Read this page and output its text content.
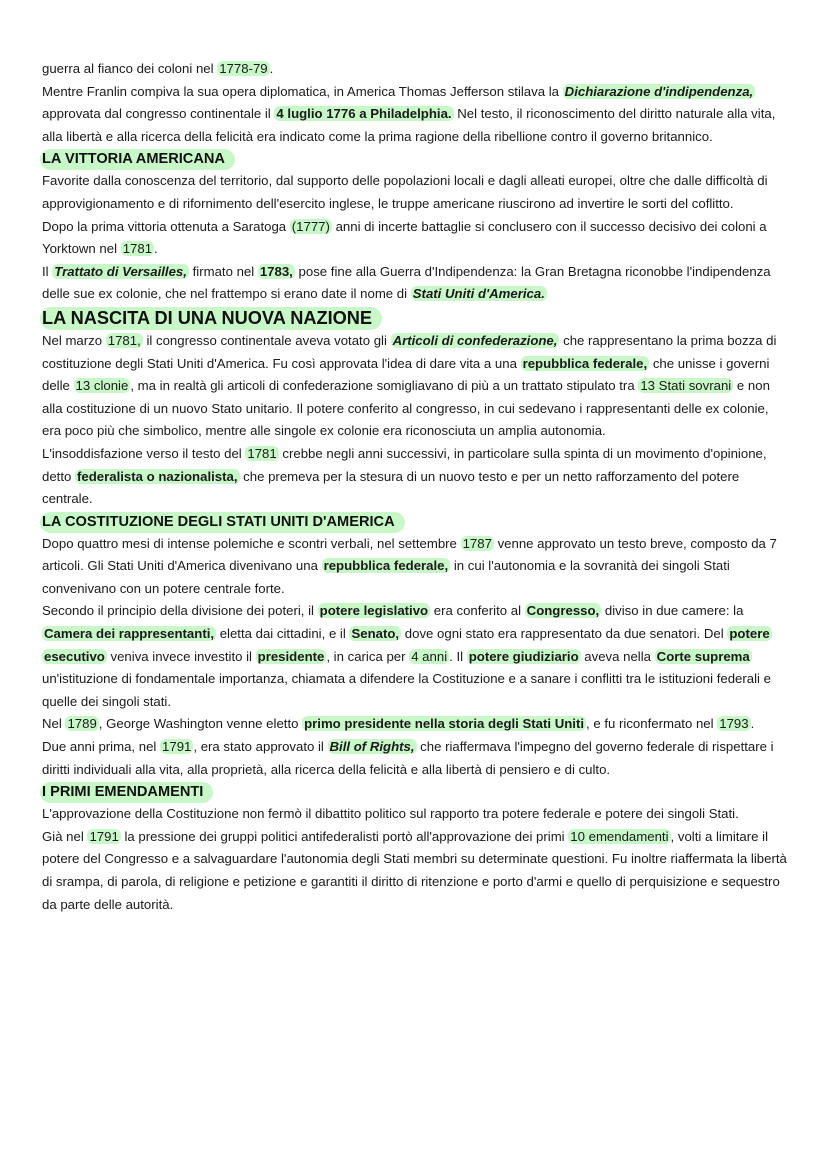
guerra al fianco dei coloni nel 1778-79 .

Mentre Franlin compiva la sua opera diplomatica, in America Thomas Jefferson stilava la Dichiarazione d'indipendenza, approvata dal congresso continentale il 4 luglio 1776 a Philadelphia. Nel testo, il riconoscimento del diritto naturale alla vita, alla libertà e alla ricerca della felicità era indicato come la prima ragione della ribellione contro il governo britannico.

LA VITTORIA AMERICANA

Favorite dalla conoscenza del territorio, dal supporto delle popolazioni locali e dagli alleati europei, oltre che dalle difficoltà di approvigionamento e di rifornimento dell'esercito inglese, le truppe americane riuscirono ad invertire le sorti del coflitto.

Dopo la prima vittoria ottenuta a Saratoga (1777) anni di incerte battaglie si conclusero con il successo decisivo dei coloni a Yorktown nel 1781 .

Il Trattato di Versailles, firmato nel 1783, pose fine alla Guerra d'Indipendenza: la Gran Bretagna riconobbe l'indipendenza delle sue ex colonie, che nel frattempo si erano date il nome di Stati Uniti d'America.

LA NASCITA DI UNA NUOVA NAZIONE

Nel marzo 1781, il congresso continentale aveva votato gli Articoli di confederazione, che rappresentano la prima bozza di costituzione degli Stati Uniti d'America. Fu così approvata l'idea di dare vita a una repubblica federale, che unisse i governi delle 13 clonie , ma in realtà gli articoli di confederazione somigliavano di più a un trattato stipulato tra 13 Stati sovrani e non alla costituzione di un nuovo Stato unitario. Il potere conferito al congresso, in cui sedevano i rappresentanti delle ex colonie, era poco più che simbolico, mentre alle singole ex colonie era riconosciuta un amplia autonomia.

L'insoddisfazione verso il testo del 1781 crebbe negli anni successivi, in particolare sulla spinta di un movimento d'opinione, detto federalista o nazionalista, che premeva per la stesura di un nuovo testo e per un netto rafforzamento del potere centrale.

LA COSTITUZIONE DEGLI STATI UNITI D'AMERICA

Dopo quattro mesi di intense polemiche e scontri verbali, nel settembre 1787 venne approvato un testo breve, composto da 7 articoli. Gli Stati Uniti d'America divenivano una repubblica federale, in cui l'autonomia e la sovranità dei singoli Stati convenivano con un potere centrale forte.

Secondo il principio della divisione dei poteri, il potere legislativo era conferito al Congresso, diviso in due camere: la Camera dei rappresentanti, eletta dai cittadini, e il Senato, dove ogni stato era rappresentato da due senatori. Del potere esecutivo veniva invece investito il presidente , in carica per 4 anni . Il potere giudiziario aveva nella Corte suprema un'istituzione di fondamentale importanza, chiamata a difendere la Costituzione e a sanare i conflitti tra le istituzioni federali e quelle dei singoli stati.

Nel 1789 , George Washington venne eletto primo presidente nella storia degli Stati Uniti , e fu riconfermato nel 1793 .

Due anni prima, nel 1791 , era stato approvato il Bill of Rights, che riaffermava l'impegno del governo federale di rispettare i diritti individuali alla vita, alla proprietà, alla ricerca della felicità e alla libertà di pensiero e di culto.

I PRIMI EMENDAMENTI

L'approvazione della Costituzione non fermò il dibattito politico sul rapporto tra potere federale e potere dei singoli Stati.

Già nel 1791 la pressione dei gruppi politici antifederalisti portò all'approvazione dei primi 10 emendamenti , volti a limitare il potere del Congresso e a salvaguardare l'autonomia degli Stati membri su determinate questioni. Fu inoltre riaffermata la libertà di srampa, di parola, di religione e petizione e garantiti il diritto di ritenzione e porto d'armi e quello di perquisizione e sequestro da parte delle autorità.
